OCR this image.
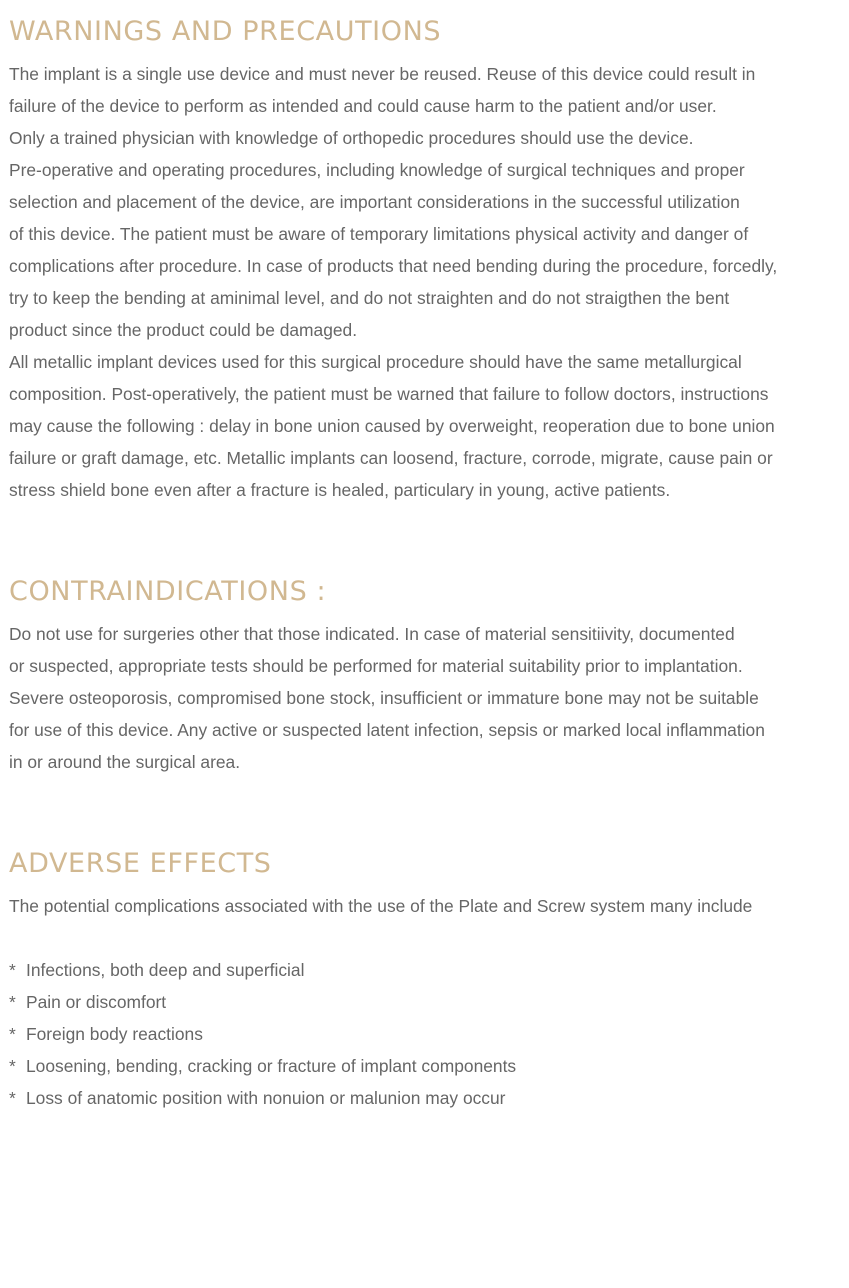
WARNINGS AND PRECAUTIONS

The implant is a single use device and must never be reused. Reuse of this device could result in

failure of the device to perform as intended and could cause harm to the patient and/or user.

Only a trained physician with knowledge of orthopedic procedures should use the device.

Pre-operative and operating procedures, including knowledge of surgical techniques and proper

selection and placement of the device, are important considerations in the successful utilization

of this device. The patient must be aware of temporary limitations physical activity and danger of

complications after procedure. In case of products that need bending during the procedure, forcedly,

try to keep the bending at aminimal level, and do not straighten and do not straigthen the bent

product since the product could be damaged.

All metallic implant devices used for this surgical procedure should have the same metallurgical

composition. Post-operatively, the patient must be warned that failure to follow doctors, instructions

may cause the following : delay in bone union caused by overweight, reoperation due to bone union

failure or graft damage, etc. Metallic implants can loosend, fracture, corrode, migrate, cause pain or

stress shield bone even after a fracture is healed, particulary in young, active patients.

CONTRAINDICATIONS :

Do not use for surgeries other that those indicated. In case of material sensitiivity, documented

or suspected, appropriate tests should be performed for material suitability prior to implantation.

Severe osteoporosis, compromised bone stock, insufficient or immature bone may not be suitable

for use of this device. Any active or suspected latent infection, sepsis or marked local inflammation

in or around the surgical area.

ADVERSE EFFECTS

The potential complications associated with the use of the Plate and Screw system many include

* Infections, both deep and superficial

* Pain or discomfort

* Foreign body reactions

* Loosening, bending, cracking or fracture of implant components

* Loss of anatomic position with nonuion or malunion may occur
